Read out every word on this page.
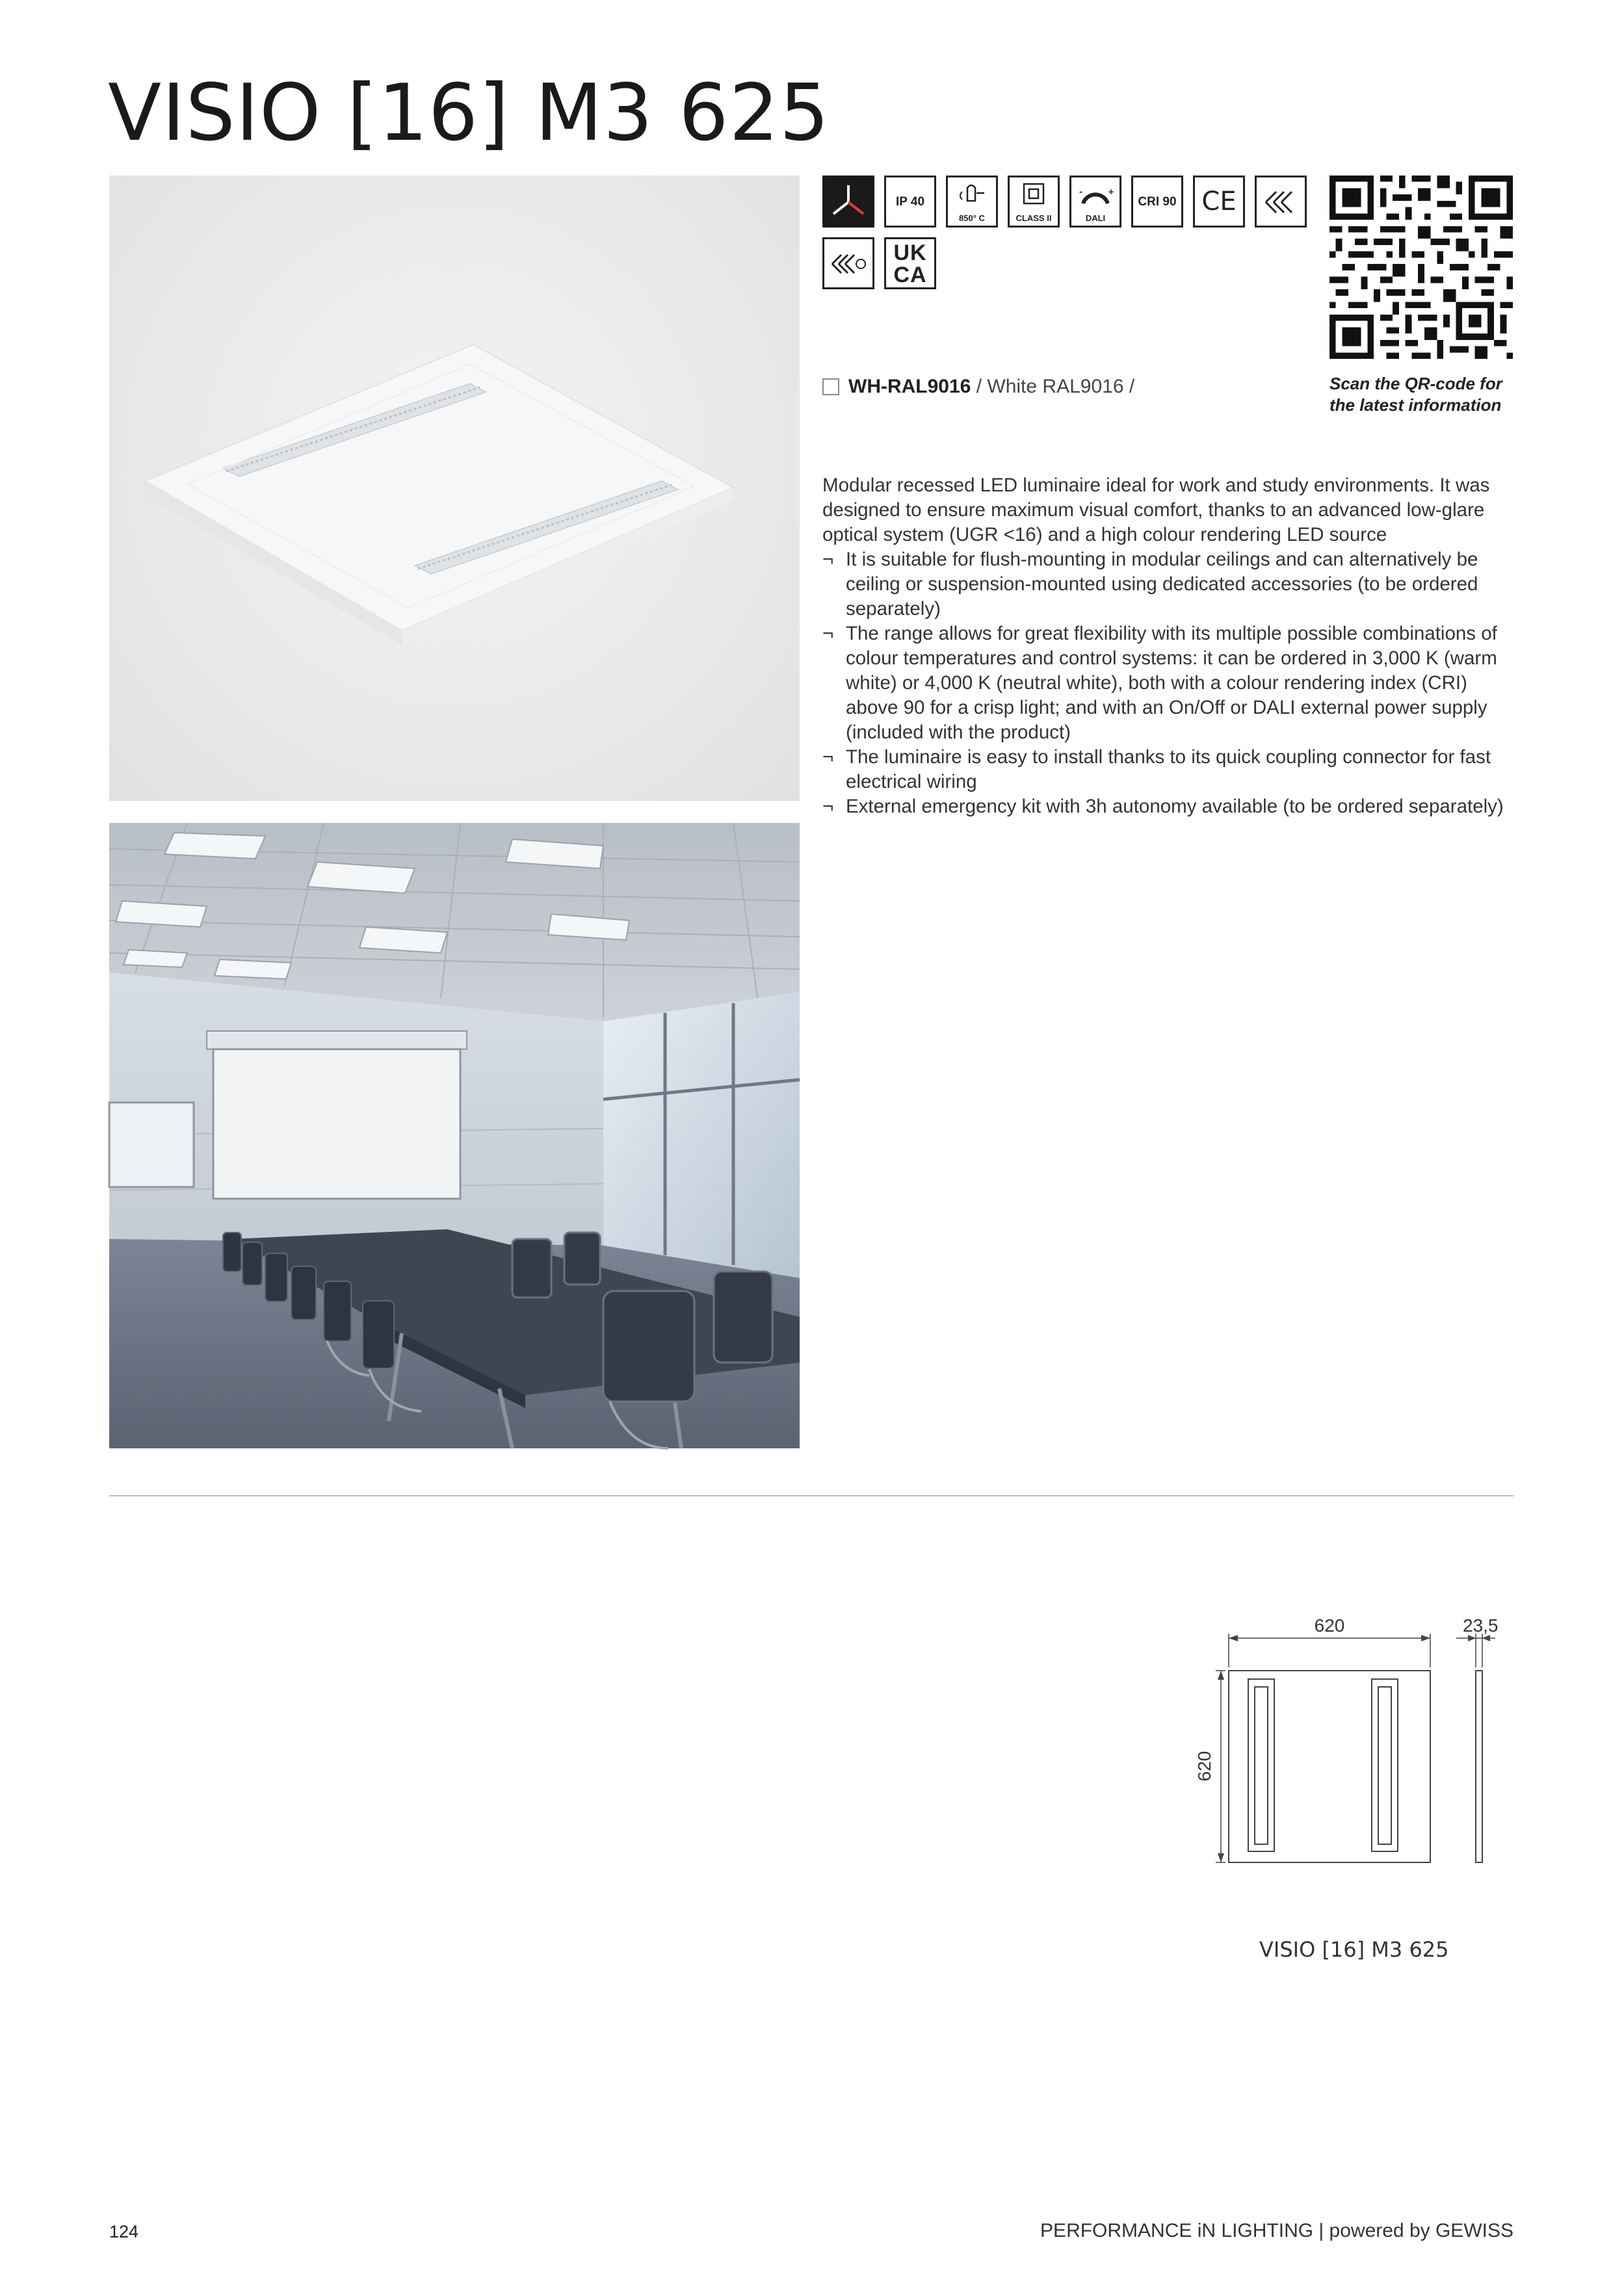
VISIO [16] M3 625
IP 40
850° C	CLASS II
-	+
DALI
CRI 90 CE
UK
CA
Scan the QR-code for
the latest information
WH-RAL9016 / White RAL9016 /

Modular recessed LED luminaire ideal for work and study environments. It was designed to ensure maximum visual comfort, thanks to an advanced low-glare optical system (UGR <16) and a high colour rendering LED source

¬ It is suitable for flush-mounting in modular ceilings and can alternatively be ceiling or suspension-mounted using dedicated accessories (to be ordered separately)
¬ The range allows for great flexibility with its multiple possible combinations of colour temperatures and control systems: it can be ordered in 3,000 K (warm white) or 4,000 K (neutral white), both with a colour rendering index (CRI) above 90 for a crisp light; and with an On/Off or DALI external power supply (included with the product)
¬ The luminaire is easy to install thanks to its quick coupling connector for fast electrical wiring
¬ External emergency kit with 3h autonomy available (to be ordered separately)
620	23,5
620
VISIO [16] M3 625
124	PERFORMANCE iN LIGHTING | powered by GEWISS
